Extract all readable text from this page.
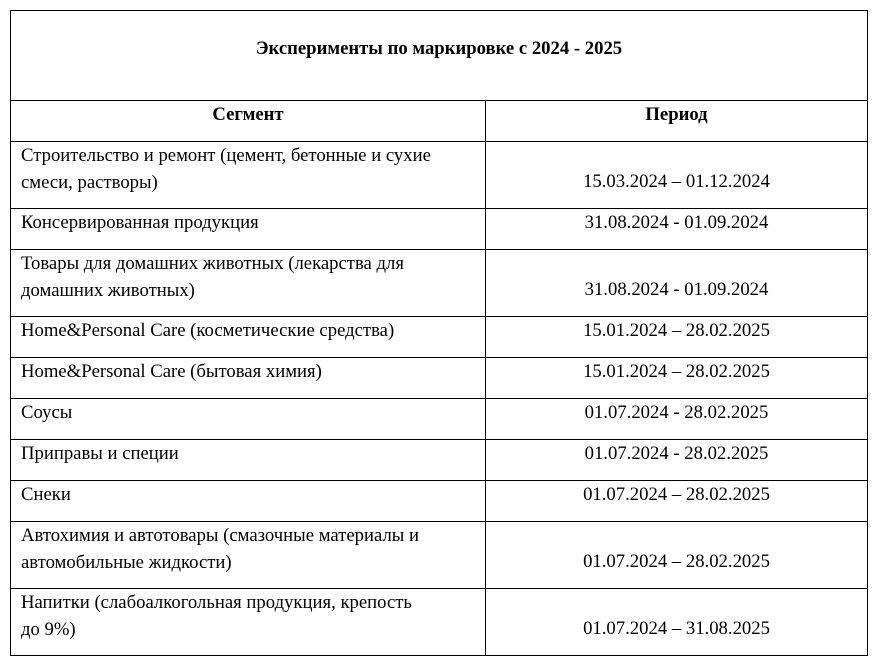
Эксперименты по маркировке с 2024 - 2025
Сегмент	Период
Строительство и ремонт (цемент, бетонные и сухие
смеси, растворы)	15.03.2024 – 01.12.2024
Консервированная продукция	31.08.2024 - 01.09.2024
Товары для домашних животных (лекарства для
домашних животных)	31.08.2024 - 01.09.2024
Home&Personal Care (косметические средства)	15.01.2024 – 28.02.2025
Home&Personal Care (бытовая химия)	15.01.2024 – 28.02.2025
Соусы	01.07.2024 - 28.02.2025
Приправы и специи	01.07.2024 - 28.02.2025
Снеки	01.07.2024 – 28.02.2025
Автохимия и автотовары (смазочные материалы и
автомобильные жидкости)	01.07.2024 – 28.02.2025
Напитки (слабоалкогольная продукция, крепость
до 9%)	01.07.2024 – 31.08.2025
